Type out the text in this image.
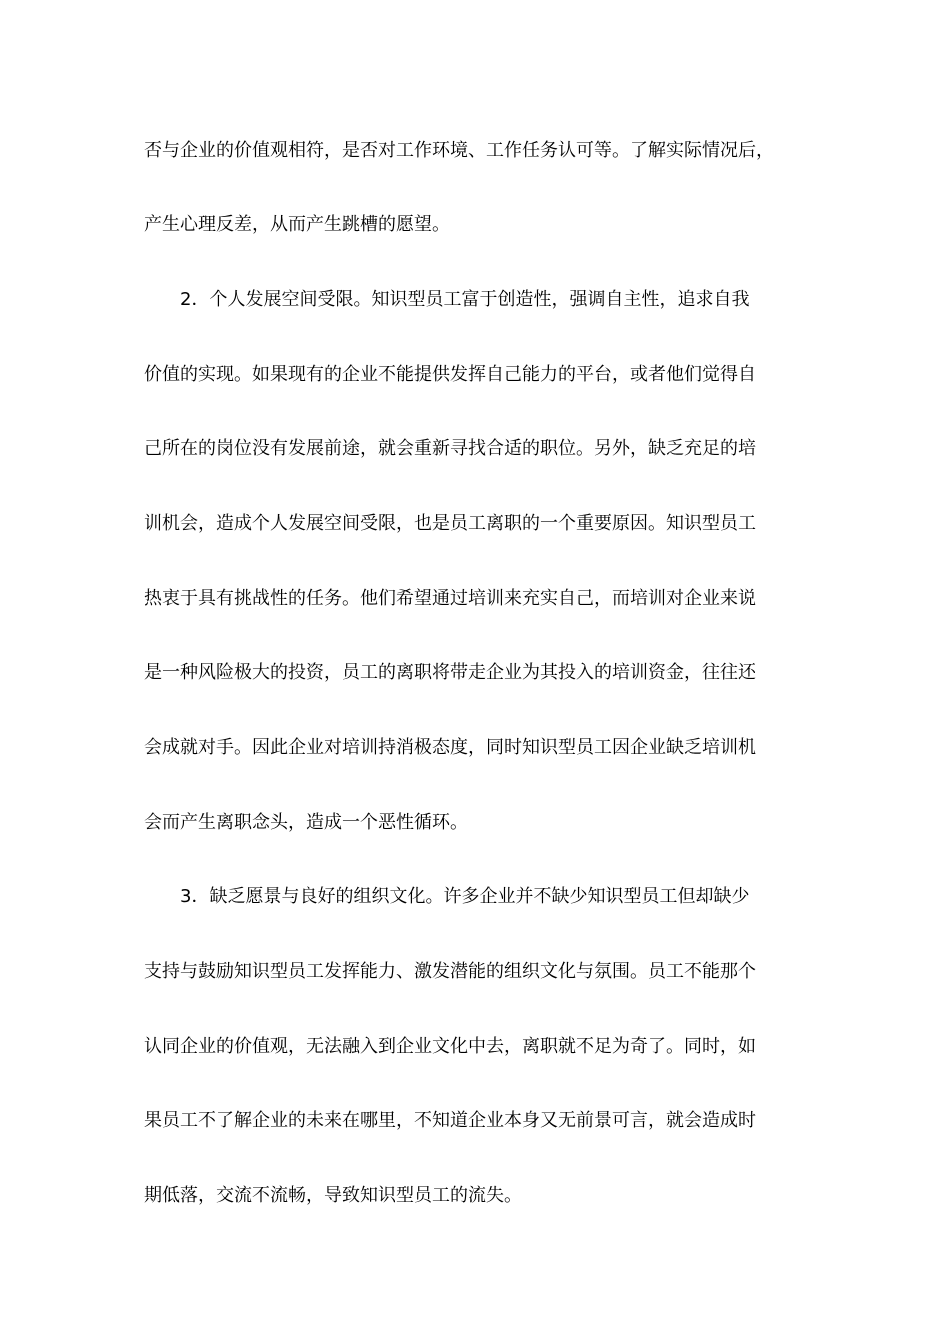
否与企业的价值观相符，是否对工作环境、工作任务认可等。了解实际情况后，
产生心理反差，从而产生跳槽的愿望。
2．个人发展空间受限。知识型员工富于创造性，强调自主性，追求自我
价值的实现。如果现有的企业不能提供发挥自己能力的平台，或者他们觉得自
己所在的岗位没有发展前途，就会重新寻找合适的职位。另外，缺乏充足的培
训机会，造成个人发展空间受限，也是员工离职的一个重要原因。知识型员工
热衷于具有挑战性的任务。他们希望通过培训来充实自己，而培训对企业来说
是一种风险极大的投资，员工的离职将带走企业为其投入的培训资金，往往还
会成就对手。因此企业对培训持消极态度，同时知识型员工因企业缺乏培训机
会而产生离职念头，造成一个恶性循环。
3．缺乏愿景与良好的组织文化。许多企业并不缺少知识型员工但却缺少
支持与鼓励知识型员工发挥能力、激发潜能的组织文化与氛围。员工不能那个
认同企业的价值观，无法融入到企业文化中去，离职就不足为奇了。同时，如
果员工不了解企业的未来在哪里，不知道企业本身又无前景可言，就会造成时
期低落，交流不流畅，导致知识型员工的流失。
